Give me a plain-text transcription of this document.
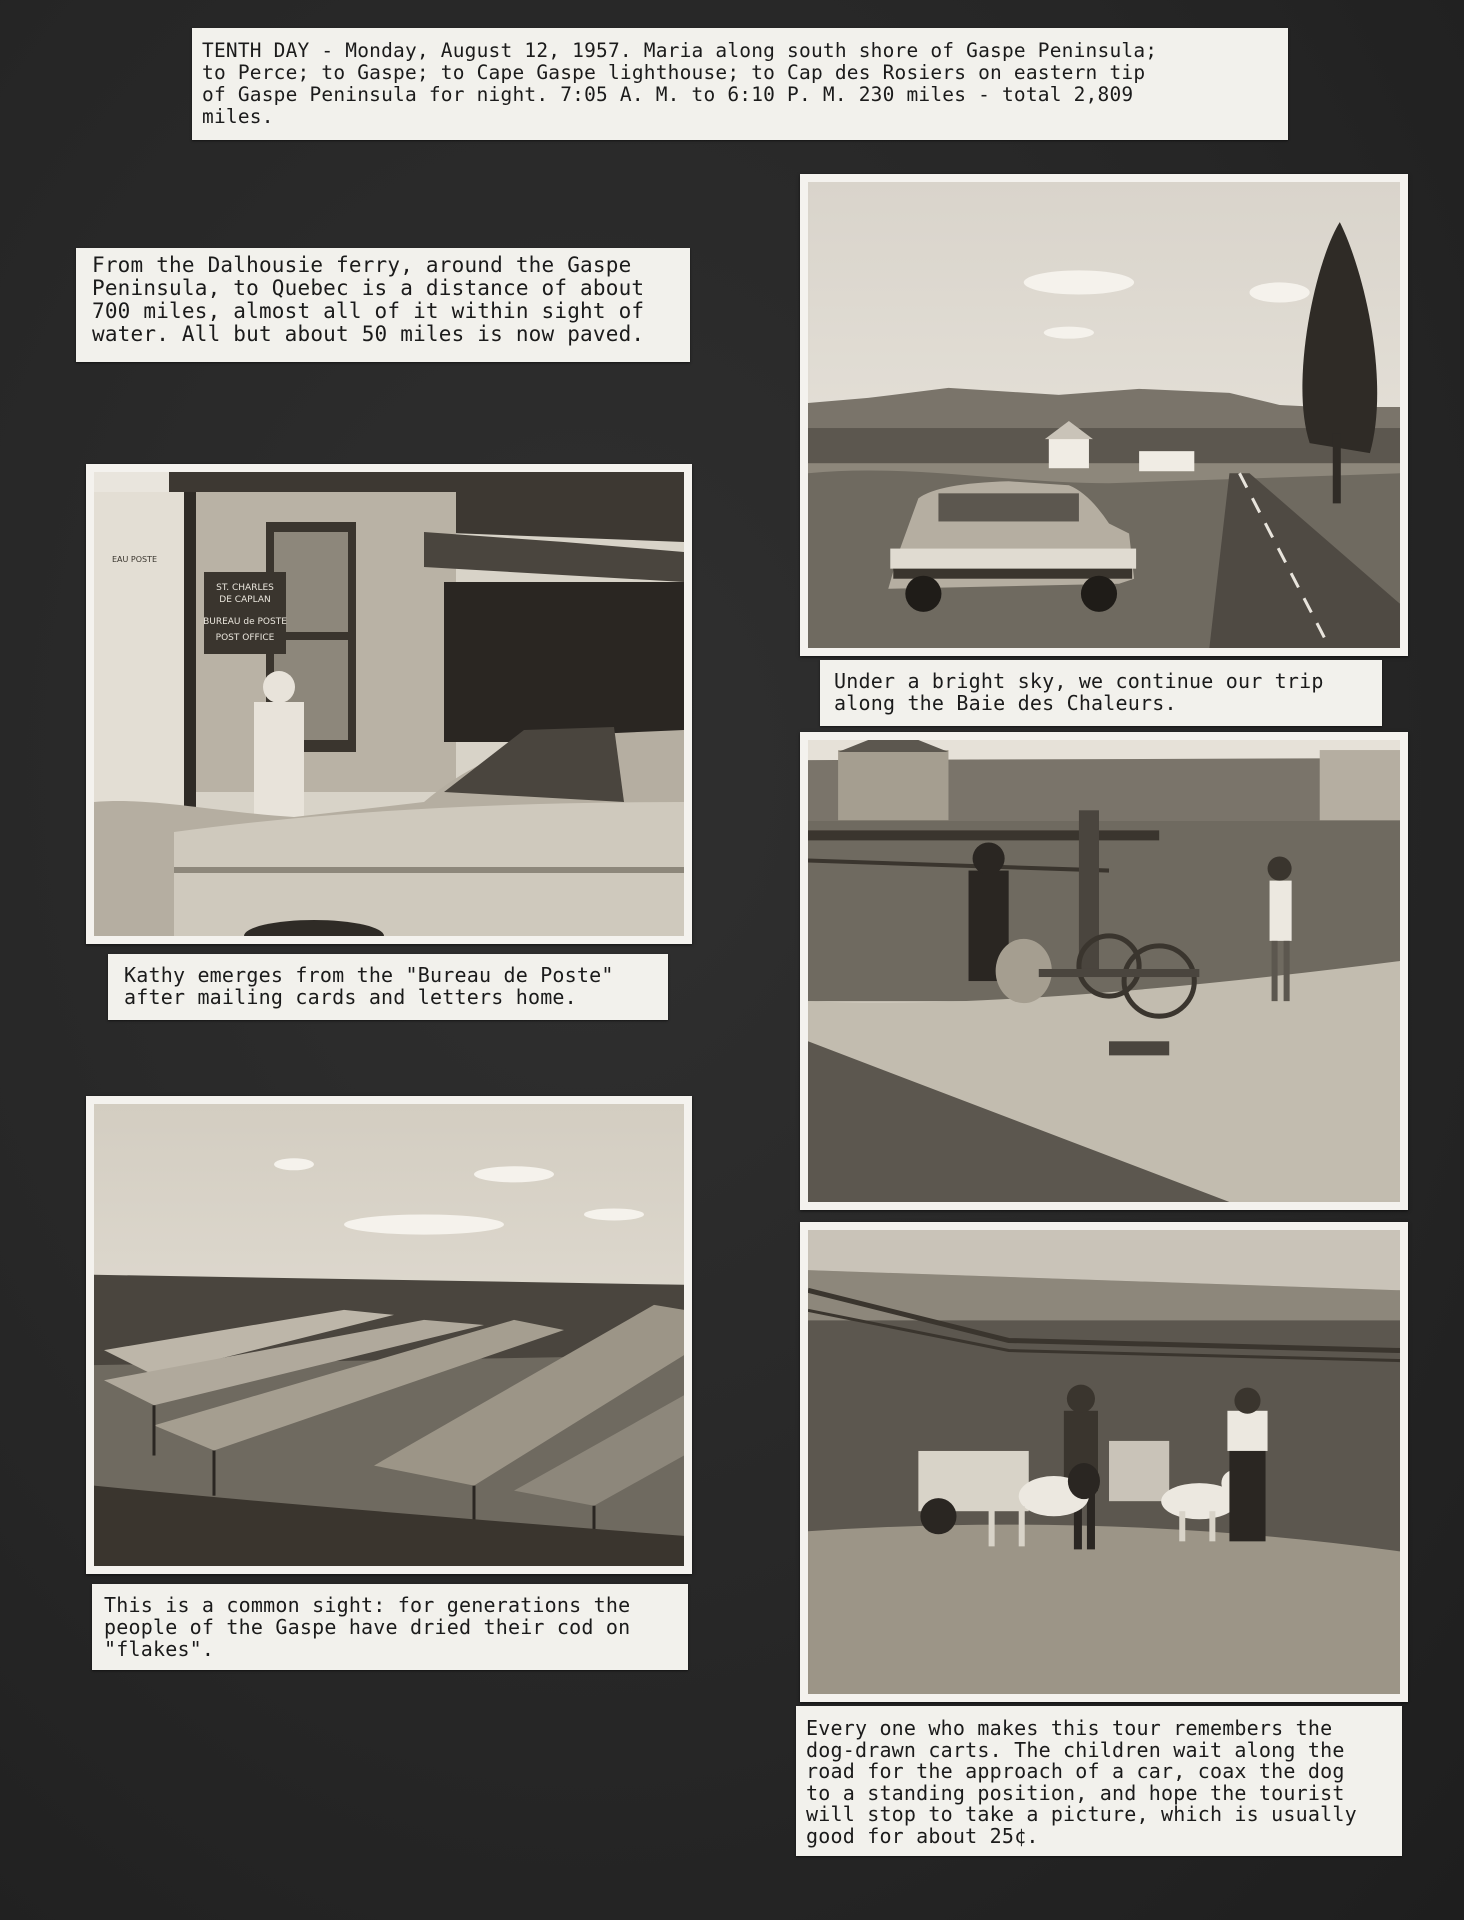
TENTH DAY - Monday, August 12, 1957. Maria along south shore of Gaspe Peninsula;
to Perce; to Gaspe; to Cape Gaspe lighthouse; to Cap des Rosiers on eastern tip
of Gaspe Peninsula for night. 7:05 A. M. to 6:10 P. M. 230 miles - total 2,809
miles.
From the Dalhousie ferry, around the Gaspe
Peninsula, to Quebec is a distance of about
700 miles, almost all of it within sight of
water. All but about 50 miles is now paved.
Under a bright sky, we continue our trip
along the Baie des Chaleurs.
ST. CHARLES
DE CAPLAN
BUREAU de POSTE
POST OFFICE
EAU POSTE
Kathy emerges from the "Bureau de Poste"
after mailing cards and letters home.
This is a common sight: for generations the
people of the Gaspe have dried their cod on
"flakes".
Every one who makes this tour remembers the
dog-drawn carts. The children wait along the
road for the approach of a car, coax the dog
to a standing position, and hope the tourist
will stop to take a picture, which is usually
good for about 25¢.
